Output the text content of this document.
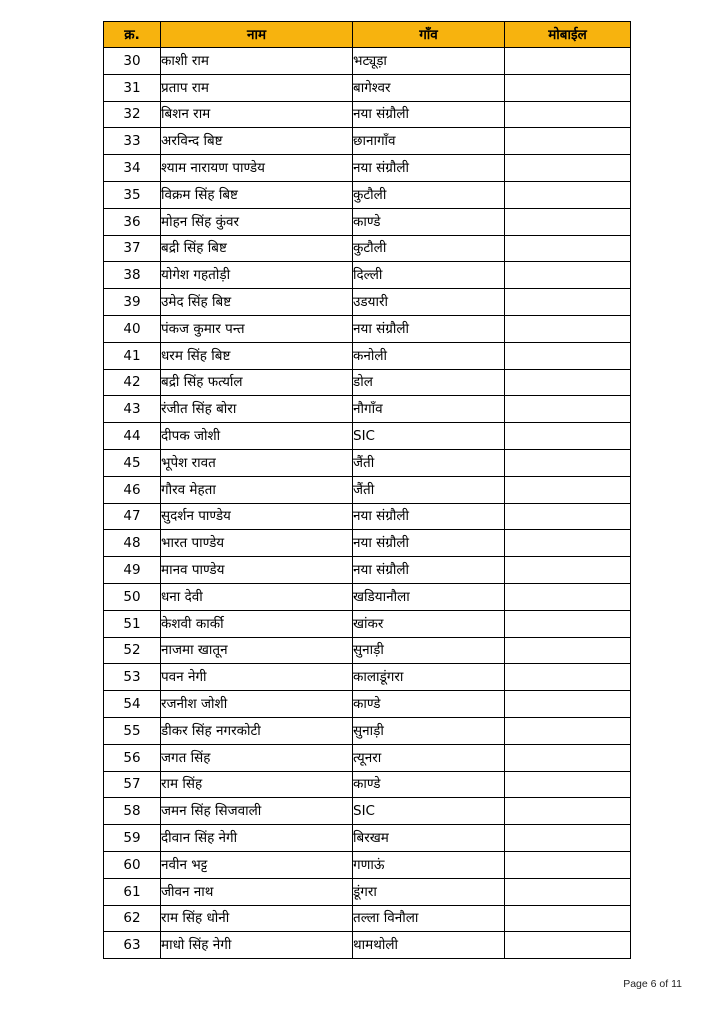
क्र.	नाम	गाँव	मोबाईल
30	काशी राम	भट्यूड़ा	
31	प्रताप राम	बागेश्वर	
32	बिशन राम	नया संग्रौली	
33	अरविन्द बिष्ट	छानागाँव	
34	श्याम नारायण पाण्डेय	नया संग्रौली	
35	विक्रम सिंह बिष्ट	कुटौली	
36	मोहन सिंह कुंवर	काण्डे	
37	बद्री सिंह बिष्ट	कुटौली	
38	योगेश गहतोड़ी	दिल्ली	
39	उमेद सिंह बिष्ट	उडयारी	
40	पंकज कुमार पन्त	नया संग्रौली	
41	धरम सिंह बिष्ट	कनोली	
42	बद्री सिंह फर्त्याल	डोल	
43	रंजीत सिंह बोरा	नौगाँव	
44	दीपक जोशी	SIC	
45	भूपेश रावत	जैंती	
46	गौरव मेहता	जैंती	
47	सुदर्शन पाण्डेय	नया संग्रौली	
48	भारत पाण्डेय	नया संग्रौली	
49	मानव पाण्डेय	नया संग्रौली	
50	धना देवी	खडियानौला	
51	केशवी कार्की	खांकर	
52	नाजमा खातून	सुनाड़ी	
53	पवन नेगी	कालाडूंगरा	
54	रजनीश जोशी	काण्डे	
55	डीकर सिंह नगरकोटी	सुनाड़ी	
56	जगत सिंह	त्यूनरा	
57	राम सिंह	काण्डे	
58	जमन सिंह सिजवाली	SIC	
59	दीवान सिंह नेगी	बिरखम	
60	नवीन भट्ट	गणाऊं	
61	जीवन नाथ	डूंगरा	
62	राम सिंह धोनी	तल्ला विनौला	
63	माधो सिंह नेगी	थामथोली	
Page 6 of 11
